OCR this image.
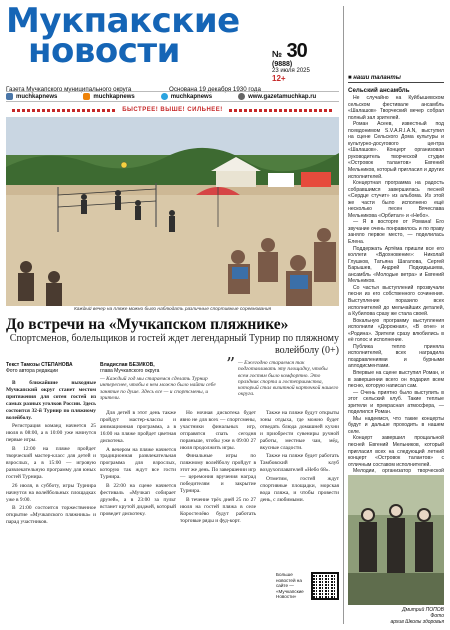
Мукпакские
новости	№ 30
(9888)
23 июля 2025
12+
Газета Мучкапского муниципального округа	Основана 19 декабря 1930 года
muchkapnews	muchkapnews	muchkapnews	www.gazetamuchkap.ru
БЫСТРЕЕ! ВЫШЕ! СИЛЬНЕЕ!
Каждый вечер на пляже можно было наблюдать различные спортивные соревнования
До встречи на «Мучкапском пляжнике»
Спортсменов, болельщиков и гостей ждет легендарный Турнир по пляжному волейболу (0+)
Текст Тамозы СТЕПАНОВА
Фото автора редакции

В ближайшие выходные Мучкапский округ станет местом притяжения для сотен гостей из самых разных уголков России. Здесь состоится 32-й Турнир по пляжному волейболу.

Регистрация команд начнется 25 июля в 08:00, а в 10:00 уже начнутся первые игры.

В 12:00 на пляже пройдет творческий мастер-класс для детей и взрослых, а в 15:00 — игровую развлекательную программу для юных гостей Турнира.

26 июля, в субботу, игры Турнира начнутся на волейбольных площадках уже в 9:00.

В 21:00 состоится торжественное открытие «Мучкапского пляжника» и парад участников.

Владислав БЕЗИКОВ,
глава Мучкапского округа
— Каждый год мы стараемся сделать Турнир интереснее, чтобы в нем можно было найти себе занятие по душе. Здесь все — и спортсмены, и зрители.
” — Ежегодно стараемся так подготавливать эту площадку, чтобы всем гостям было комфортно. Это праздник спорта и гостеприимства, который стал визитной карточкой нашего округа.

Для детей в этот день также пройдут мастер-классы и анимационная программа, а в 16:00 на пляже пройдет цветная дискотека.

А вечером на пляже начнется традиционная развлекательная программа для взрослых, которую так ждут все гости Турнира.

В 22:00 на сцене начнется фестиваль «Мучкап собирает друзей», а в 23:00 за пульт встанет крутой диджей, который проведет дискотеку.

Но ночная дискотека будет явно не для всех — спортсмены, участники финальных игр, отправятся спать сегодня пораньше, чтобы уже в 09:00 27 июля продолжить игры.

Финальные игры по пляжному волейболу пройдут в этот же день. По завершении игр — церемония вручения наград победителям и закрытие Турнира.

В течение трёх дней 25 по 27 июля на гостей пляжа в селе Коростелёво будут работать торговые ряды и фуд-корт.

Также на пляже будут открыты зоны отдыха, где можно будет отведать блюда домашней кухни и приобрести сувениры ручной работы, местные чаи, мёд, вкусные сладости.

Также на пляже будет работать Тамбовский клуб воздухоплавателей «Небо 68».

Отметим, гостей ждут спортивные площадки, морская вода пляжа, и чтобы провести день, с любимыми.

Больше новостей на сайте — «Мучкапские Новости»
■ наши таланты
Сельский ансамбль

Не случайно на Куйбышевском сельском фестивале ансамбль «Шалашов» Творческий вечер собрал полный зал зрителей.

Роман Асеев, известный под псевдонимом S.V.A.R.I.A.N, выступил на сцене Сельского Дома культуры и культурно-досугового центра «Шалашов». Концерт организовал руководитель творческой студии «Островок талантов» Евгений Мельников, который пригласил и других исполнителей.

Концертная программа на радость собравшимся завершилась песней «Сердце стучит» из альбома. Из этой же части было исполнено ещё несколько песен Вячеслава Мельникова «Орбитал» и «Небо».

— Я в восторге от Романа! Его звучание очень понравилось и по праву заняло первое место, — поделилась Елена.

Поддержать Артёма пришли все его коллеги «Вдохновение»: Николай Глушков, Татьяна Шагалова, Сергей Барышев, Андрей Подкидышева, ансамбль «Молодые ветра» и Евгений Мельников.

Со частья выступлений прозвучали песни из его собственного сочинения. Выступление поразило всех исполнителей до мельчайших деталей, а Кубилова сразу же стала своей.

Вокальную программу выступления исполнили «Дорожная», «В огне» и «Родина». Зрители сразу влюбились в её голос и исполнение.

Публика тепло приняла исполнителей, всех наградила поздравлениями и бурными аплодисментами.

Впервые на сцене выступил Роман, и в завершении всего он подарил всем песню, которую написал сам.

— Очень приятно было выступить в этот сельский клуб. Такие теплые зрители и прекрасная атмосфера, — поделился Роман.

Мы надеемся, что такие концерты будут и дальше проходить в нашем селе.

Концерт завершил прощальной песней Евгений Мельников, который пригласил всех на следующий летний концерт «Островок талантов» с отличным составом исполнителей.

Мелодии, организатор творческой

Дмитрий ПОПОВ
Фото
архив Школы здоровья
